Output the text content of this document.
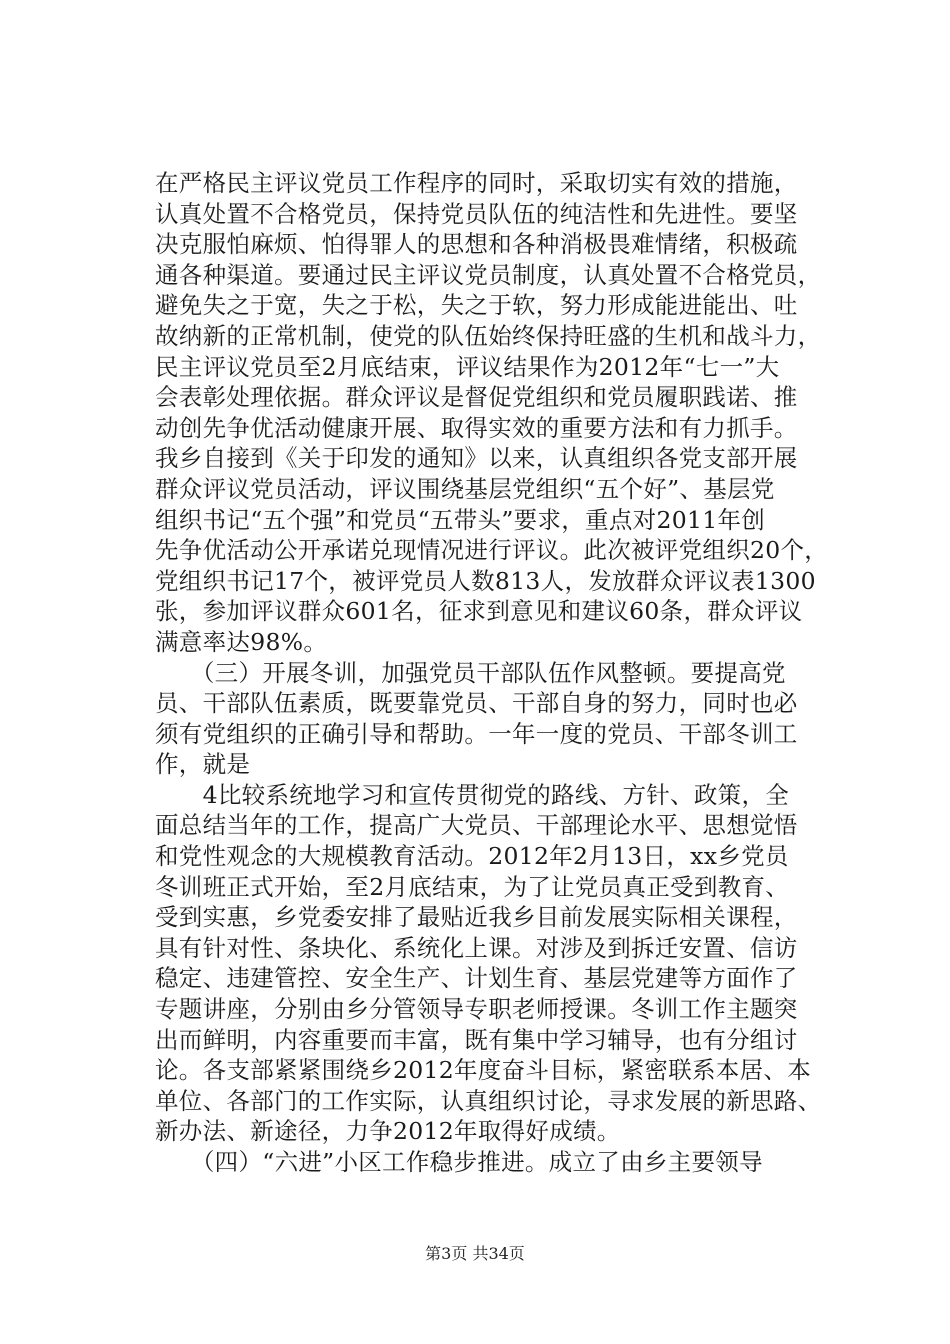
在严格民主评议党员工作程序的同时，采取切实有效的措施，
认真处置不合格党员，保持党员队伍的纯洁性和先进性。要坚
决克服怕麻烦、怕得罪人的思想和各种消极畏难情绪，积极疏
通各种渠道。要通过民主评议党员制度，认真处置不合格党员，
避免失之于宽，失之于松，失之于软，努力形成能进能出、吐
故纳新的正常机制，使党的队伍始终保持旺盛的生机和战斗力，
民主评议党员至2月底结束，评议结果作为2012年“七一”大
会表彰处理依据。群众评议是督促党组织和党员履职践诺、推
动创先争优活动健康开展、取得实效的重要方法和有力抓手。
我乡自接到《关于印发的通知》以来，认真组织各党支部开展
群众评议党员活动，评议围绕基层党组织“五个好”、基层党
组织书记“五个强”和党员“五带头”要求，重点对2011年创
先争优活动公开承诺兑现情况进行评议。此次被评党组织20个，
党组织书记17个，被评党员人数813人，发放群众评议表1300
张，参加评议群众601名，征求到意见和建议60条，群众评议
满意率达98%。
　　（三）开展冬训，加强党员干部队伍作风整顿。要提高党
员、干部队伍素质，既要靠党员、干部自身的努力，同时也必
须有党组织的正确引导和帮助。一年一度的党员、干部冬训工
作，就是
　　4比较系统地学习和宣传贯彻党的路线、方针、政策，全
面总结当年的工作，提高广大党员、干部理论水平、思想觉悟
和党性观念的大规模教育活动。2012年2月13日，xx乡党员
冬训班正式开始，至2月底结束，为了让党员真正受到教育、
受到实惠，乡党委安排了最贴近我乡目前发展实际相关课程，
具有针对性、条块化、系统化上课。对涉及到拆迁安置、信访
稳定、违建管控、安全生产、计划生育、基层党建等方面作了
专题讲座，分别由乡分管领导专职老师授课。冬训工作主题突
出而鲜明，内容重要而丰富，既有集中学习辅导，也有分组讨
论。各支部紧紧围绕乡2012年度奋斗目标，紧密联系本居、本
单位、各部门的工作实际，认真组织讨论，寻求发展的新思路、
新办法、新途径，力争2012年取得好成绩。
　　（四）“六进”小区工作稳步推进。成立了由乡主要领导
第3页 共34页
